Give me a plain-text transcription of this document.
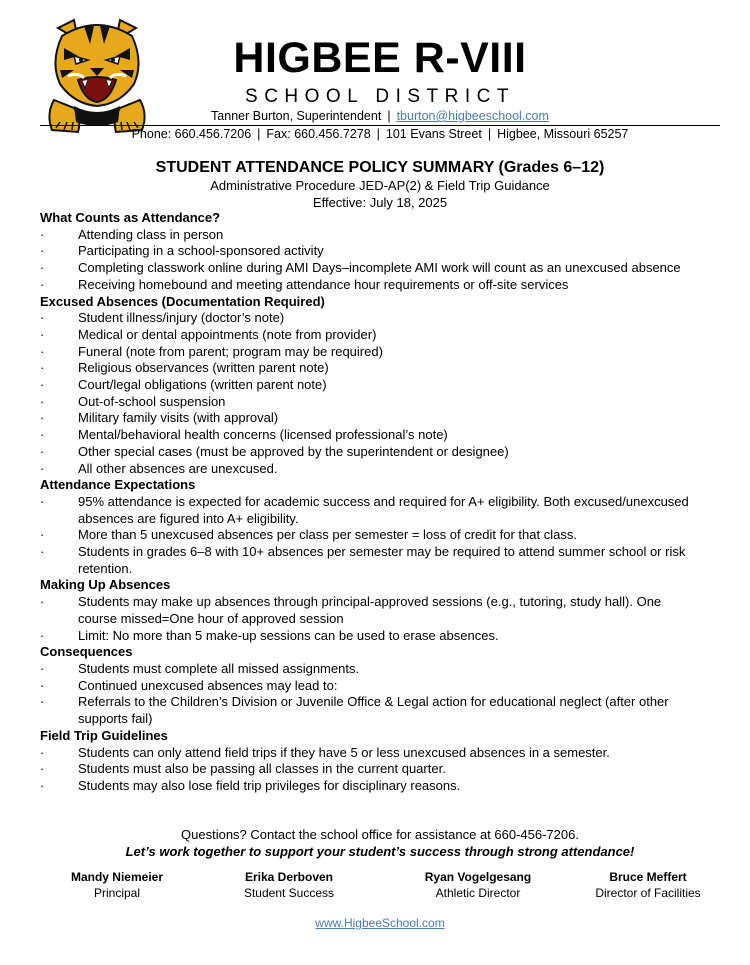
HIGBEE R-VIII
SCHOOL DISTRICT
Tanner Burton, Superintendent | tburton@higbeeschool.com
Phone: 660.456.7206 | Fax: 660.456.7278 | 101 Evans Street | Higbee, Missouri 65257
STUDENT ATTENDANCE POLICY SUMMARY (Grades 6–12)
Administrative Procedure JED-AP(2) & Field Trip Guidance
Effective: July 18, 2025
What Counts as Attendance?
· Attending class in person
· Participating in a school-sponsored activity
· Completing classwork online during AMI Days–incomplete AMI work will count as an unexcused absence
· Receiving homebound and meeting attendance hour requirements or off-site services
Excused Absences (Documentation Required)
· Student illness/injury (doctor’s note)
· Medical or dental appointments (note from provider)
· Funeral (note from parent; program may be required)
· Religious observances (written parent note)
· Court/legal obligations (written parent note)
· Out-of-school suspension
· Military family visits (with approval)
· Mental/behavioral health concerns (licensed professional’s note)
· Other special cases (must be approved by the superintendent or designee)
· All other absences are unexcused.
Attendance Expectations
· 95% attendance is expected for academic success and required for A+ eligibility. Both excused/unexcused absences are figured into A+ eligibility.
· More than 5 unexcused absences per class per semester = loss of credit for that class.
· Students in grades 6–8 with 10+ absences per semester may be required to attend summer school or risk retention.
Making Up Absences
· Students may make up absences through principal-approved sessions (e.g., tutoring, study hall). One course missed=One hour of approved session
· Limit: No more than 5 make-up sessions can be used to erase absences.
Consequences
· Students must complete all missed assignments.
· Continued unexcused absences may lead to:
· Referrals to the Children’s Division or Juvenile Office & Legal action for educational neglect (after other supports fail)
Field Trip Guidelines
· Students can only attend field trips if they have 5 or less unexcused absences in a semester.
· Students must also be passing all classes in the current quarter.
· Students may also lose field trip privileges for disciplinary reasons.
Questions? Contact the school office for assistance at 660-456-7206.
Let’s work together to support your student’s success through strong attendance!
Mandy Niemeier
Principal
Erika Derboven
Student Success
Ryan Vogelgesang
Athletic Director
Bruce Meffert
Director of Facilities
www.HigbeeSchool.com
